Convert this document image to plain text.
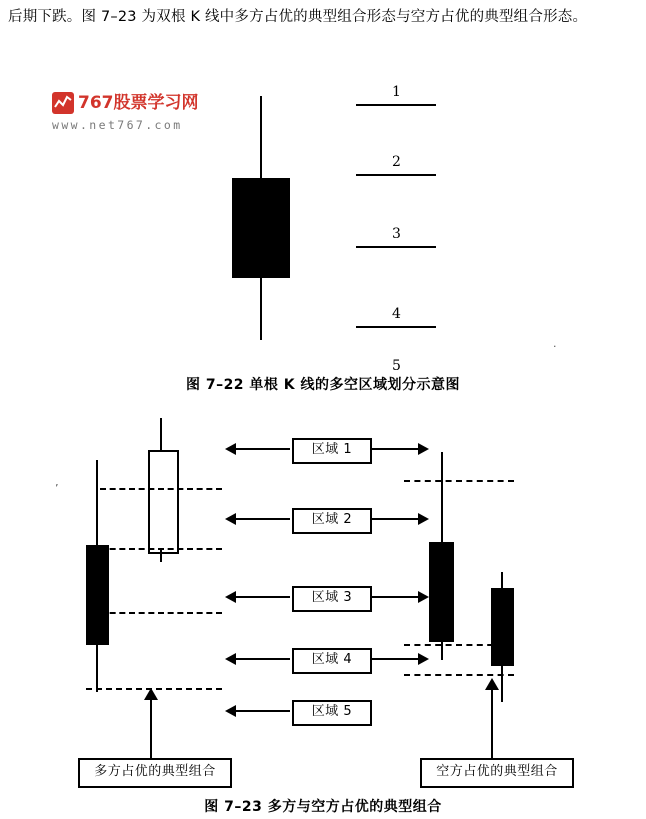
后期下跌。图 7–23 为双根 K 线中多方占优的典型组合形态与空方占优的典型组合形态。
767股票学习网
www.net767.com
1
2
3
4
5
·
图 7–22 单根 K 线的多空区域划分示意图
ʼ
区域 1
区域 2
区域 3
区域 4
区域 5
多方占优的典型组合	空方占优的典型组合
图 7–23 多方与空方占优的典型组合
